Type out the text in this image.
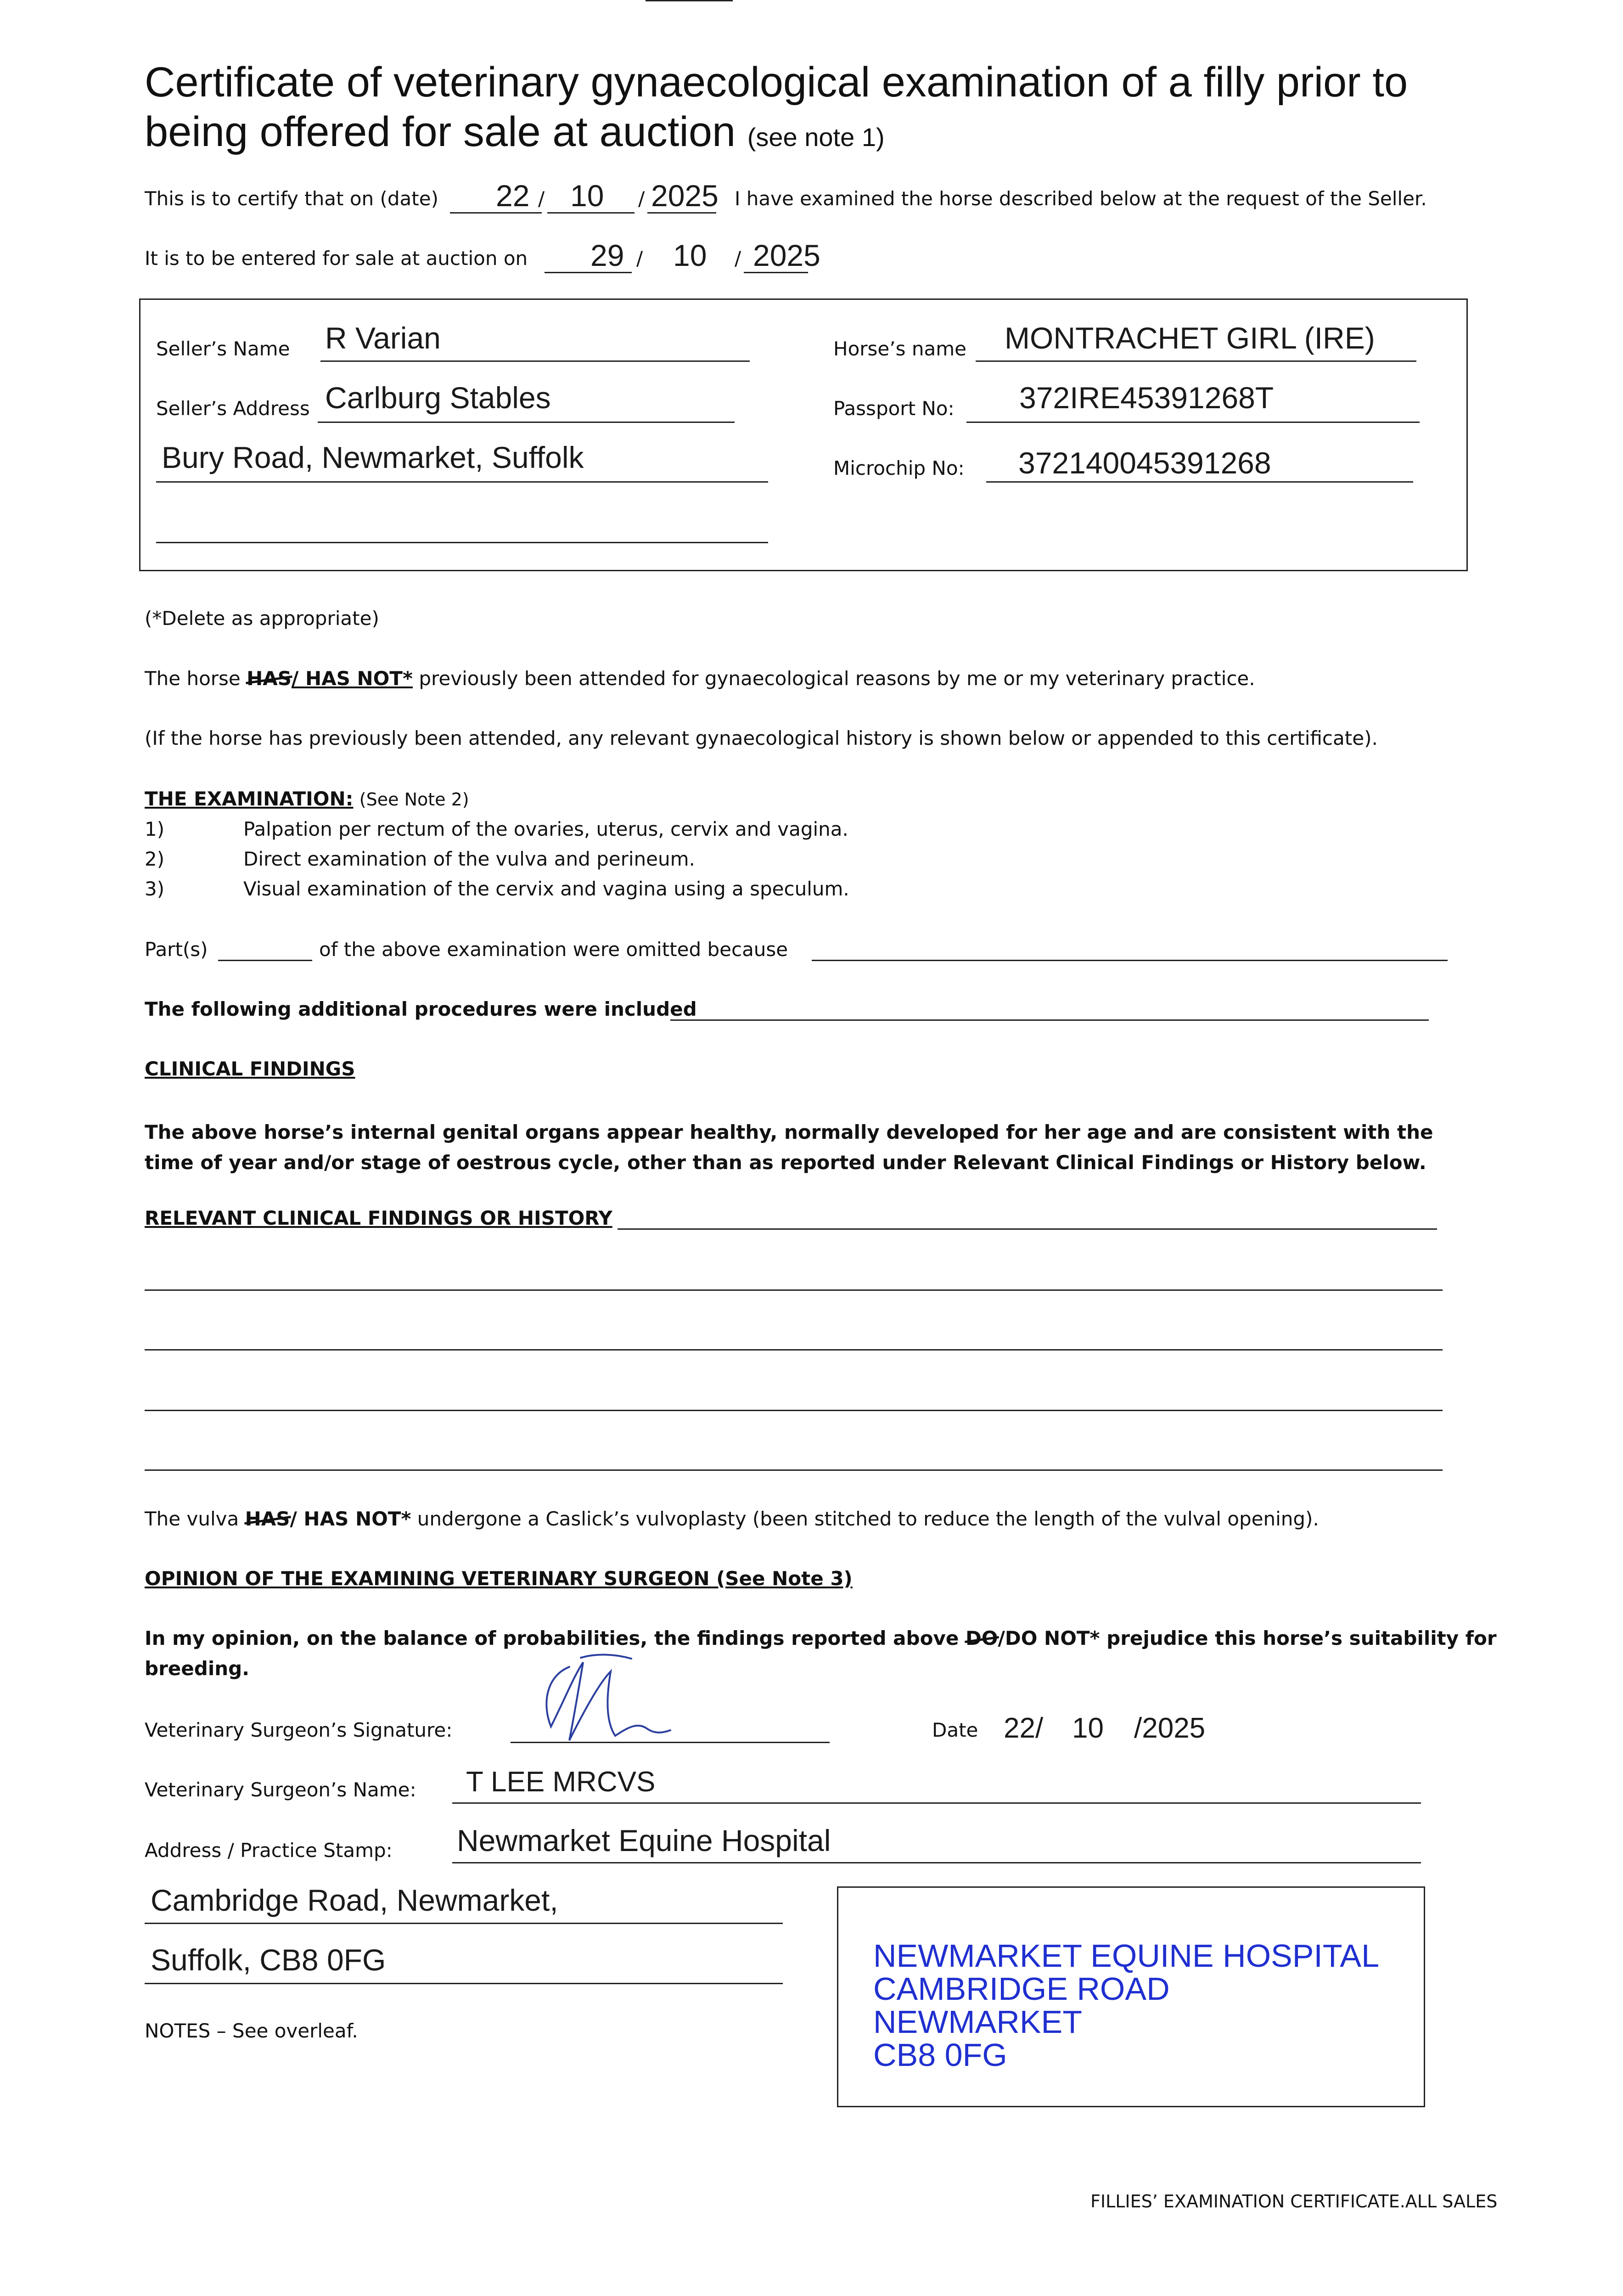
Certificate of veterinary gynaecological examination of a filly prior to being offered for sale at auction (see note 1)
This is to certify that on (date) 22 / 10 / 2025 I have examined the horse described below at the request of the Seller.
It is to be entered for sale at auction on 29 / 10 / 2025
Seller’s Name R Varian
Seller’s Address Carlburg Stables
Bury Road, Newmarket, Suffolk
Horse’s name MONTRACHET GIRL (IRE)
Passport No: 372IRE45391268T
Microchip No: 372140045391268
(*Delete as appropriate)
The horse HAS/ HAS NOT* previously been attended for gynaecological reasons by me or my veterinary practice.
(If the horse has previously been attended, any relevant gynaecological history is shown below or appended to this certificate).
THE EXAMINATION: (See Note 2)
1)	Palpation per rectum of the ovaries, uterus, cervix and vagina.
2)	Direct examination of the vulva and perineum.
3)	Visual examination of the cervix and vagina using a speculum.
Part(s)	of the above examination were omitted because
The following additional procedures were included
CLINICAL FINDINGS
The above horse’s internal genital organs appear healthy, normally developed for her age and are consistent with the time of year and/or stage of oestrous cycle, other than as reported under Relevant Clinical Findings or History below.
RELEVANT CLINICAL FINDINGS OR HISTORY
The vulva HAS/ HAS NOT* undergone a Caslick’s vulvoplasty (been stitched to reduce the length of the vulval opening).
OPINION OF THE EXAMINING VETERINARY SURGEON (See Note 3)
In my opinion, on the balance of probabilities, the findings reported above DO/DO NOT* prejudice this horse’s suitability for
breeding.
Veterinary Surgeon’s Signature:	Date 22/ 10 /2025
Veterinary Surgeon’s Name: T LEE MRCVS
Address / Practice Stamp: Newmarket Equine Hospital
Cambridge Road, Newmarket,
Suffolk, CB8 0FG
NOTES – See overleaf.
NEWMARKET EQUINE HOSPITAL
CAMBRIDGE ROAD
NEWMARKET
CB8 0FG
FILLIES’ EXAMINATION CERTIFICATE.ALL SALES
